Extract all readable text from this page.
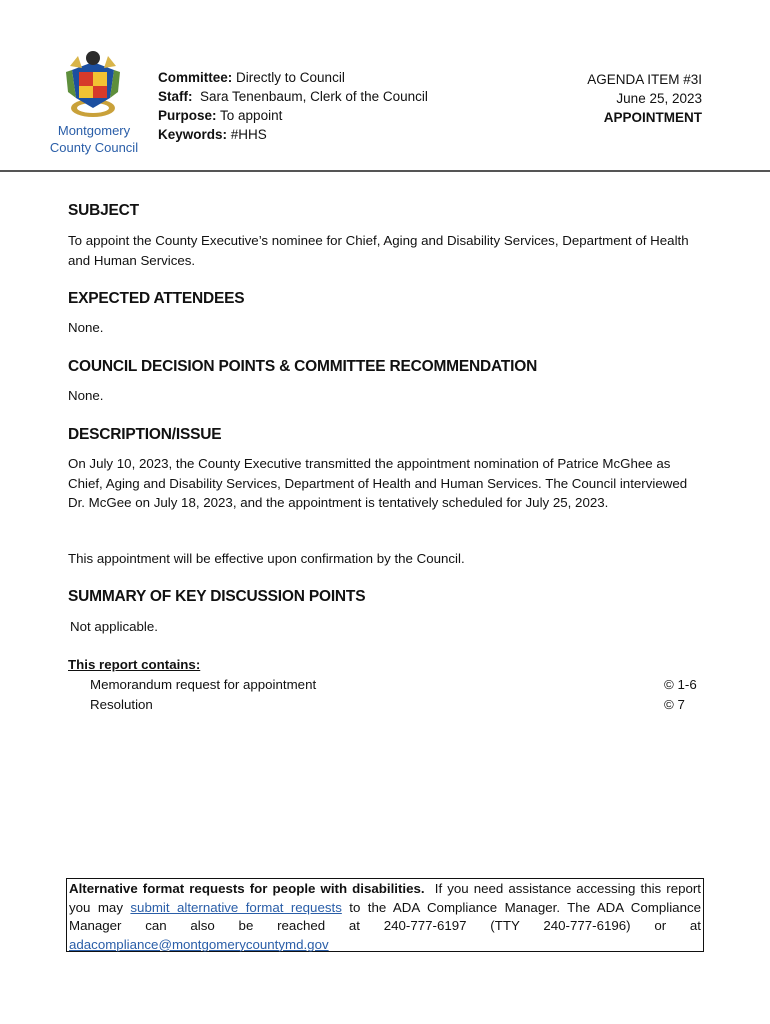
Montgomery
County Council
Committee: Directly to Council
Staff: Sara Tenenbaum, Clerk of the Council
Purpose: To appoint
Keywords: #HHS
AGENDA ITEM #3I
June 25, 2023
APPOINTMENT
SUBJECT
To appoint the County Executive’s nominee for Chief, Aging and Disability Services, Department of Health and Human Services.
EXPECTED ATTENDEES
None.
COUNCIL DECISION POINTS & COMMITTEE RECOMMENDATION
None.
DESCRIPTION/ISSUE
On July 10, 2023, the County Executive transmitted the appointment nomination of Patrice McGhee as Chief, Aging and Disability Services, Department of Health and Human Services. The Council interviewed Dr. McGee on July 18, 2023, and the appointment is tentatively scheduled for July 25, 2023.
This appointment will be effective upon confirmation by the Council.
SUMMARY OF KEY DISCUSSION POINTS
Not applicable.
This report contains:
Memorandum request for appointment	© 1-6
Resolution	© 7
Alternative format requests for people with disabilities. If you need assistance accessing this report you may submit alternative format requests to the ADA Compliance Manager. The ADA Compliance Manager can also be reached at 240-777-6197 (TTY 240-777-6196) or at adacompliance@montgomerycountymd.gov
